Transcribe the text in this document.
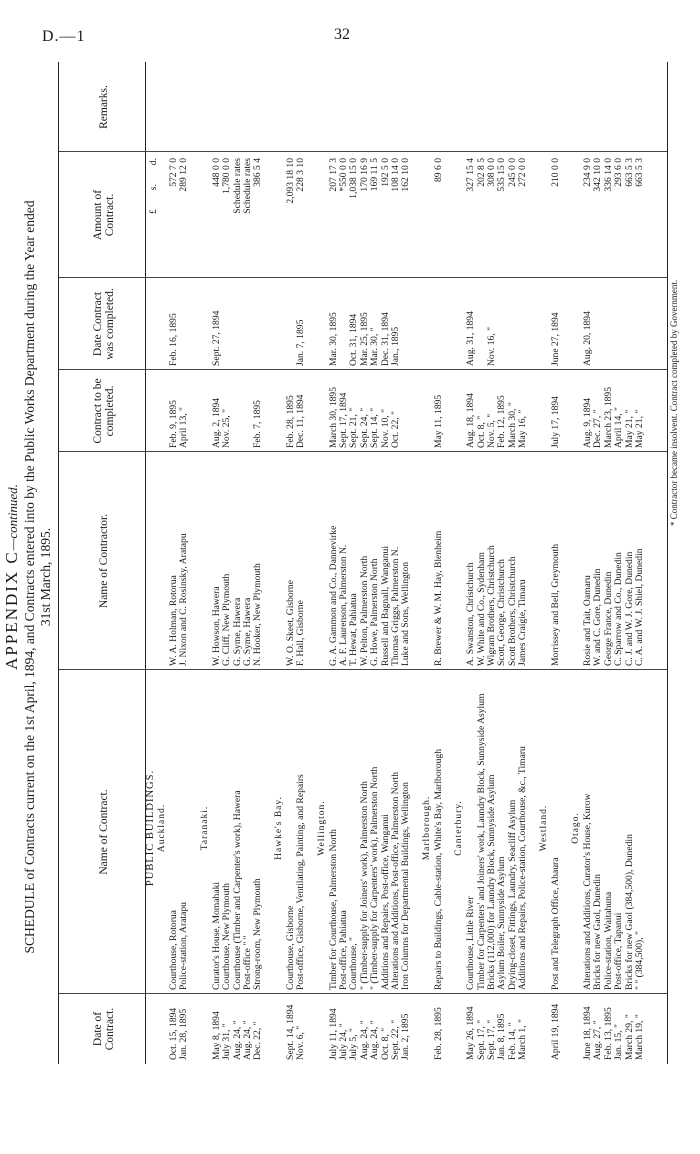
D.—1	32
APPENDIX C—continued. SCHEDULE of Contracts current on the 1st April, 1894, and Contracts entered into by the Public Works Department during the Year ended 31st March, 1895.
Date of Contract.
Name of Contract.
Name of Contractor.
Contract to be completed.
Date Contract was completed.
Amount of Contract.
Remarks.
£
s.
d.
PUBLIC BUILDINGS. Auckland.
Oct. 15, 1894
Courthouse, Rotorua
W. A. Holman, Rotorua
Feb. 9, 1895
Feb. 16, 1895
572 7 0
Jan. 28, 1895
Police-station, Aratapu
J. Nixon and C. Rosinsky, Aratapu
April 13, "
289 12 0
Taranaki.
May 8, 1894
Curator's House, Momahaki
W. Howson, Hawera
Aug. 2, 1894
Sept. 27, 1894
448 0 0
July 31, "
Courthouse, New Plymouth
G. Cliff, New Plymouth
Nov. 25, "
1,780 0 0
Aug. 24, "
Courthouse (Timber and Carpenter's work), Hawera
G. Syme, Hawera
Schedule rates
Aug. 24, "
Post-office " "
G. Syme, Hawera
Schedule rates
Dec. 22, "
Strong-room, New Plymouth
N. Hooker, New Plymouth
Feb. 7, 1895
386 5 4
Hawke's Bay.
Sept. 14, 1894
Courthouse, Gisborne
W. O. Skeet, Gisborne
Feb. 28, 1895
2,093 18 10
Nov. 6, "
Post-office, Gisborne, Ventilating, Painting, and Repairs
F. Hall, Gisborne
Dec. 11, 1894
Jan. 7, 1895
228 3 10
Wellington.
July 11, 1894
Timber for Courthouse, Palmerston North
G. A. Gammon and Co., Dannevirke
March 30, 1895
Mar. 30, 1895
207 17 3
July 24, "
Post-office, Pahiatua
A. F. Laurenson, Palmerston N.
Sept. 17, 1894
*550 0 0
July 5, "
Courthouse, "
T. Hewat, Pahiatua
Sept. 21, "
Oct. 31, 1894
1,038 15 0
Aug. 24, "
" (Timber-supply for Joiners' work), Palmerston North
W. Pelton, Palmerston North
Sept. 24, "
Mar. 25, 1895
170 16 9
Aug. 24, "
" (Timber-supply for Carpenters' work), Palmerston North
G. Howe, Palmerston North
Sept. 14, "
Mar. 30, "
169 11 5
Oct. 8, "
Additions and Repairs, Post-office, Wanganui
Russell and Bagnall, Wanganui
Nov. 10, "
Dec. 31, 1894
192 5 0
Sept. 22, "
Alterations and Additions, Post-office, Palmerston North
Thomas Griggs, Palmerston N.
Oct. 22, "
Jan., 1895
108 14 0
Jan. 2, 1895
Iron Columns for Departmental Buildings, Wellington
Luke and Sons, Wellington
162 10 0
Marlborough.
Feb. 28, 1895
Repairs to Buildings, Cable-station, White's Bay, Marlborough
R. Brewer & W. M. Hay, Blenheim
May 11, 1895
89 6 0
Canterbury.
May 26, 1894
Courthouse, Little River
A. Swanston, Christchurch
Aug. 18, 1894
Aug. 31, 1894
327 15 4
Sept. 17, "
Timber for Carpenters' and Joiners' work, Laundry Block, Sunnyside Asylum
W. White and Co., Sydenham
Oct. 8, "
202 8 5
Sept. 17, "
Bricks (112,000) for Laundry Block, Sunnyside Asylum
Wigram Brothers, Christchurch
Nov. 5, "
Nov. 16, "
308 0 0
Jan. 8, 1895
Asylum Boiler, Sunnyside Asylum
Scott, George, Christchurch
Feb. 12, 1895
535 15 0
Feb. 14, "
Drying-closet, Fittings, Laundry, Seacliff Asylum
Scott Brothers, Christchurch
March 30, "
245 0 0
March 1, "
Additions and Repairs, Police-station, Courthouse, &c., Timaru
James Craigie, Timaru
May 16, "
272 0 0
Westland.
April 19, 1894
Post and Telegraph Office, Ahaura
Morrissey and Bell, Greymouth
July 17, 1894
June 27, 1894
210 0 0
Otago.
June 18, 1894
Alterations and Additions, Curator's House, Kurow
Rosie and Tait, Oamaru
Aug. 9, 1894
Aug. 20, 1894
234 9 0
Aug. 27, "
Bricks for new Gaol, Dunedin
W. and C. Gore, Dunedin
Dec. 27, "
342 10 0
Feb. 13, 1895
Police-station, Waitahuna
George France, Dunedin
March 23, 1895
336 14 0
Jan. 15, "
Post-office, Tapanui
C. Sparrow and Co., Dunedin
April 14, "
293 6 0
March 29, "
Bricks for new Gaol (384,500), Dunedin
C. J. and W. J. Gore, Dunedin
May 21, "
663 5 3
March 19, "
" " (384,500), "
C. A. and W. J. Shiel, Dunedin
May 21, "
663 5 3
* Contractor became insolvent. Contract completed by Government.
